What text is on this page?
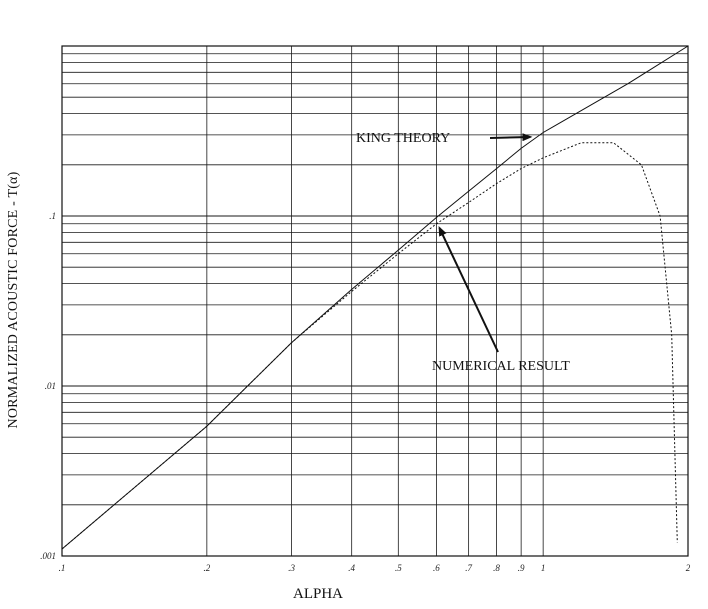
.1	.2	.3	.4	.5	.6	.7 .8 .9 1	2
.001
.01
.1
KING THEORY
NUMERICAL RESULT
NORMALIZED ACOUSTIC FORCE - T(α)
ALPHA
